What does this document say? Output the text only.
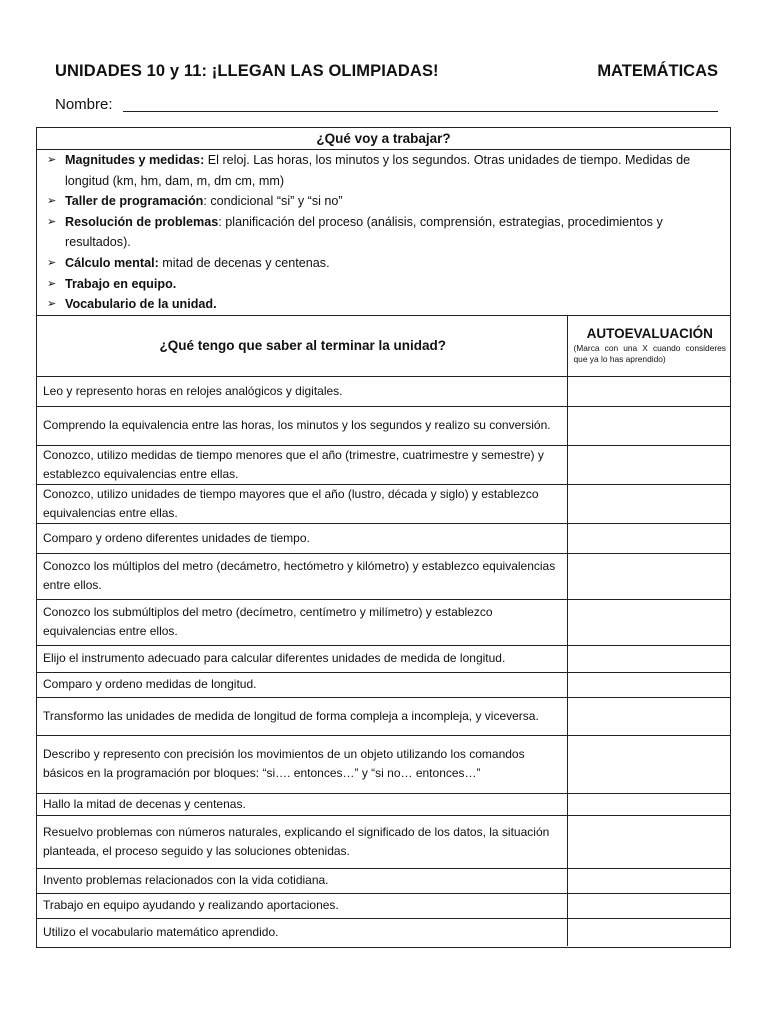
UNIDADES 10 y 11: ¡LLEGAN LAS OLIMPIADAS!	MATEMÁTICAS
Nombre:
¿Qué voy a trabajar?
➢ Magnitudes y medidas: El reloj. Las horas, los minutos y los segundos. Otras unidades de tiempo. Medidas de longitud (km, hm, dam, m, dm cm, mm)
➢ Taller de programación: condicional “si” y “si no”
➢ Resolución de problemas: planificación del proceso (análisis, comprensión, estrategias, procedimientos y resultados).
➢ Cálculo mental: mitad de decenas y centenas.
➢ Trabajo en equipo.
➢ Vocabulario de la unidad.
¿Qué tengo que saber al terminar la unidad?	AUTOEVALUACIÓN
(Marca con una X cuando consideres que ya lo has aprendido)

Leo y represento horas en relojes analógicos y digitales.	
Comprendo la equivalencia entre las horas, los minutos y los segundos y realizo su conversión.	
Conozco, utilizo medidas de tiempo menores que el año (trimestre, cuatrimestre y semestre) y establezco equivalencias entre ellas.	
Conozco, utilizo unidades de tiempo mayores que el año (lustro, década y siglo) y establezco equivalencias entre ellas.	
Comparo y ordeno diferentes unidades de tiempo.	
Conozco los múltiplos del metro (decámetro, hectómetro y kilómetro) y establezco equivalencias entre ellos.	
Conozco los submúltiplos del metro (decímetro, centímetro y milímetro) y establezco equivalencias entre ellos.	
Elijo el instrumento adecuado para calcular diferentes unidades de medida de longitud.	
Comparo y ordeno medidas de longitud.	
Transformo las unidades de medida de longitud de forma compleja a incompleja, y viceversa.	
Describo y represento con precisión los movimientos de un objeto utilizando los comandos básicos en la programación por bloques: “si…. entonces…” y “si no… entonces…”	
Hallo la mitad de decenas y centenas.	
Resuelvo problemas con números naturales, explicando el significado de los datos, la situación planteada, el proceso seguido y las soluciones obtenidas.	
Invento problemas relacionados con la vida cotidiana.	
Trabajo en equipo ayudando y realizando aportaciones.	
Utilizo el vocabulario matemático aprendido.	
